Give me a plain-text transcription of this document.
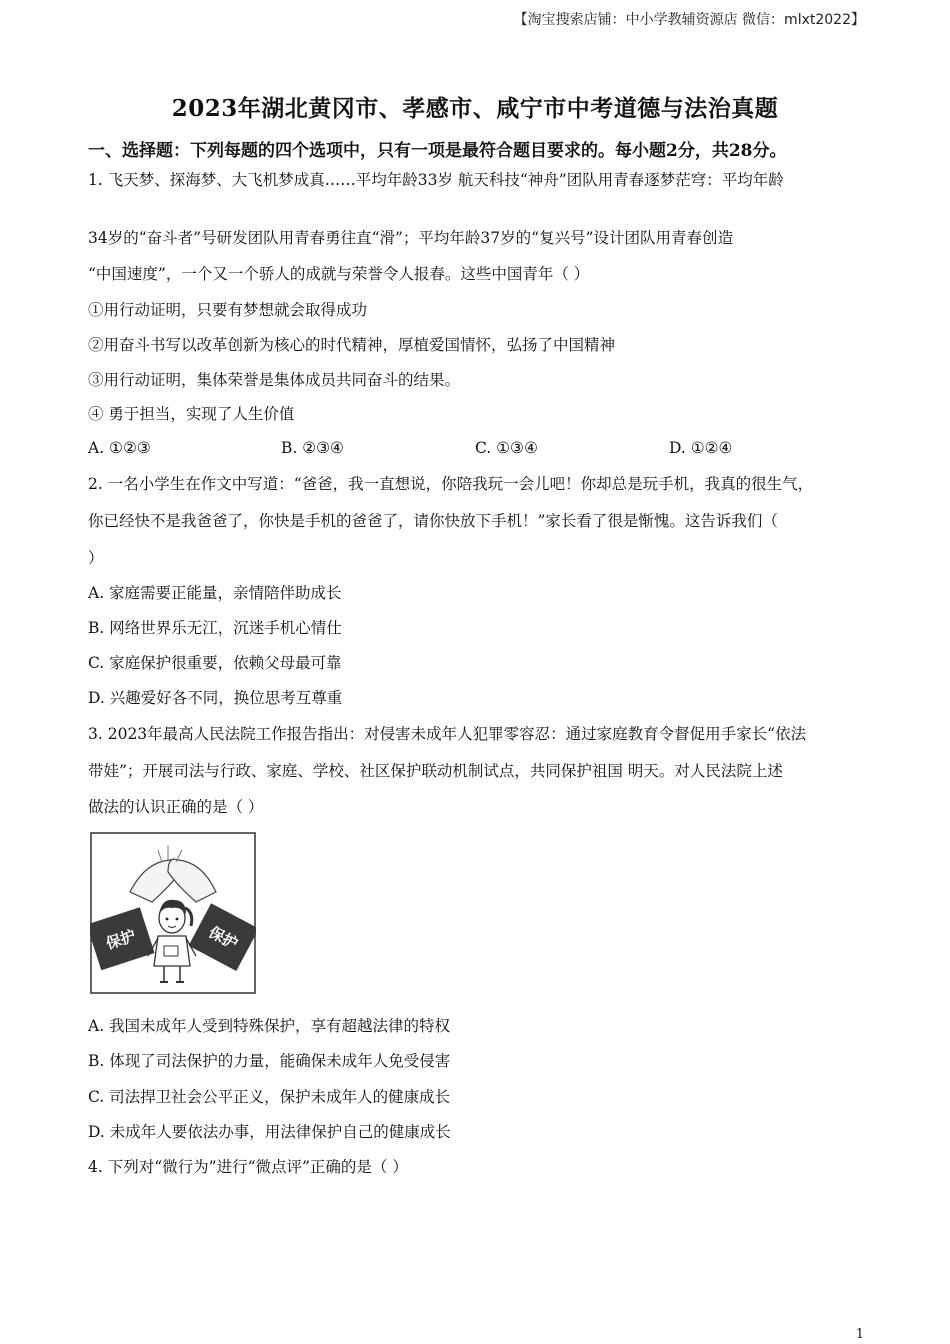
【淘宝搜索店铺：中小学教辅资源店 微信：mlxt2022】
2023年湖北黄冈市、孝感市、咸宁市中考道德与法治真题
一、选择题：下列每题的四个选项中，只有一项是最符合题目要求的。每小题2分，共28分。
1. 飞天梦、探海梦、大飞机梦成真……平均年龄33岁 航天科技“神舟”团队用青春逐梦茫穹：平均年龄
34岁的“奋斗者”号研发团队用青春勇往直“滑”；平均年龄37岁的“复兴号”设计团队用青春创造
“中国速度”，一个又一个骄人的成就与荣誉令人报春。这些中国青年（ ）
①用行动证明，只要有梦想就会取得成功
②用奋斗书写以改革创新为核心的时代精神，厚植爱国情怀，弘扬了中国精神
③用行动证明，集体荣誉是集体成员共同奋斗的结果。
④ 勇于担当，实现了人生价值
A. ①②③	B. ②③④	C. ①③④	D. ①②④
2. 一名小学生在作文中写道：“爸爸，我一直想说，你陪我玩一会儿吧！你却总是玩手机，我真的很生气，
你已经快不是我爸爸了，你快是手机的爸爸了，请你快放下手机！”家长看了很是惭愧。这告诉我们（
）
A. 家庭需要正能量，亲情陪伴助成长
B. 网络世界乐无江，沉迷手机心情仕
C. 家庭保护很重要，依赖父母最可靠
D. 兴趣爱好各不同，换位思考互尊重
3. 2023年最高人民法院工作报告指出：对侵害未成年人犯罪零容忍：通过家庭教育令督促用手家长“依法
带娃”；开展司法与行政、家庭、学校、社区保护联动机制试点，共同保护祖国 明天。对人民法院上述
做法的认识正确的是（ ）
保护	保护
A. 我国未成年人受到特殊保护，享有超越法律的特权
B. 体现了司法保护的力量，能确保未成年人免受侵害
C. 司法捍卫社会公平正义，保护未成年人的健康成长
D. 未成年人要依法办事，用法律保护自己的健康成长
4. 下列对“微行为”进行“微点评”正确的是（ ）
1
